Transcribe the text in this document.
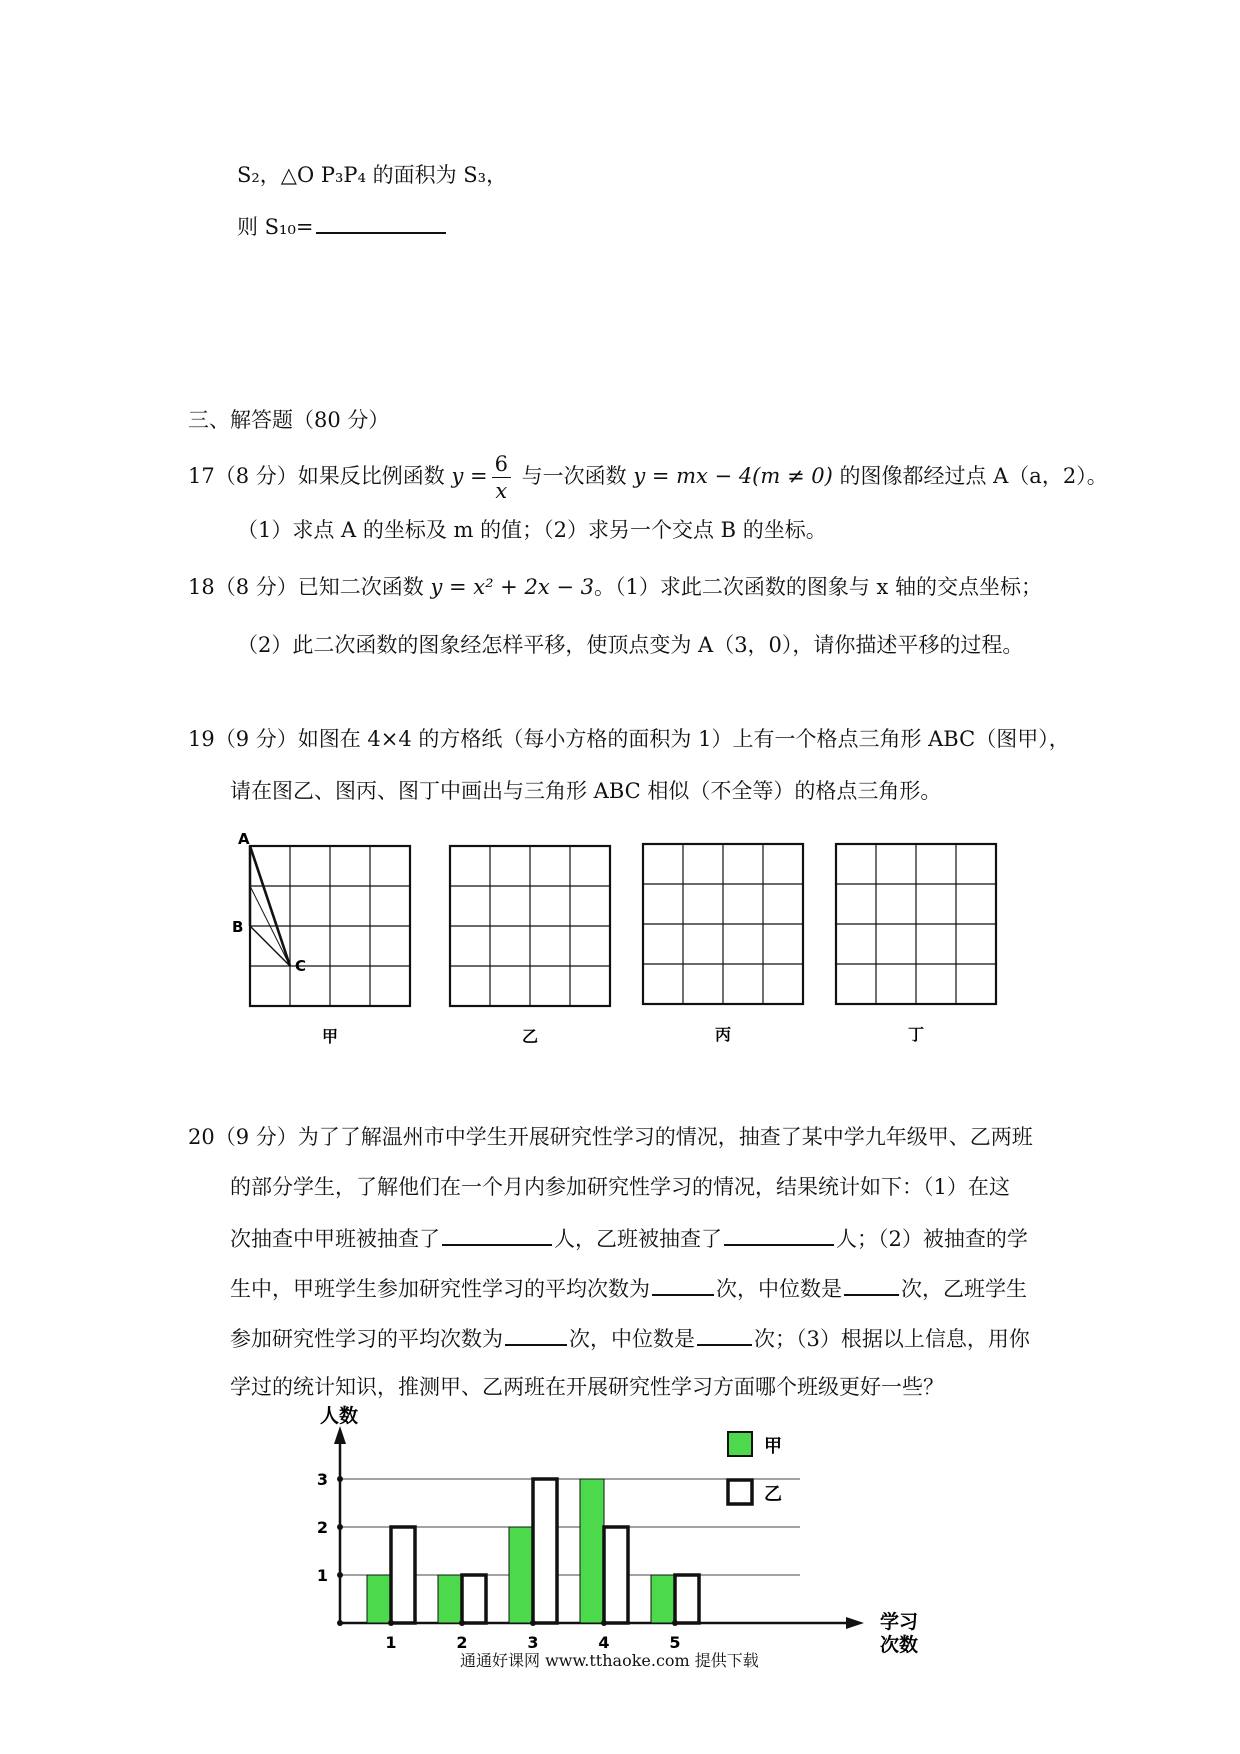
S₂，△O P₃P₄ 的面积为 S₃，
则 S₁₀=
三、解答题（80 分）
17（8 分）如果反比例函数 $y = \frac{6}{x}$ 与一次函数 y = mx − 4(m ≠ 0) 的图像都经过点 A（a，2）。
（1）求点 A 的坐标及 m 的值；（2）求另一个交点 B 的坐标。
18（8 分）已知二次函数 y = x² + 2x − 3。（1）求此二次函数的图象与 x 轴的交点坐标；
（2）此二次函数的图象经怎样平移，使顶点变为 A（3，0），请你描述平移的过程。
19（9 分）如图在 4×4 的方格纸（每小方格的面积为 1）上有一个格点三角形 ABC（图甲），
请在图乙、图丙、图丁中画出与三角形 ABC 相似（不全等）的格点三角形。
甲
A
B
C
乙	丙	丁
20（9 分）为了了解温州市中学生开展研究性学习的情况，抽查了某中学九年级甲、乙两班
的部分学生，了解他们在一个月内参加研究性学习的情况，结果统计如下：（1）在这
次抽查中甲班被抽查了	人，乙班被抽查了	人；（2）被抽查的学
生中，甲班学生参加研究性学习的平均次数为	次，中位数是	次，乙班学生
参加研究性学习的平均次数为	次，中位数是	次；（3）根据以上信息，用你
学过的统计知识，推测甲、乙两班在开展研究性学习方面哪个班级更好一些？
1
2
3
人数
学习
次数
1	2	3	4	5
甲
乙
通通好课网 www.tthaoke.com 提供下载
